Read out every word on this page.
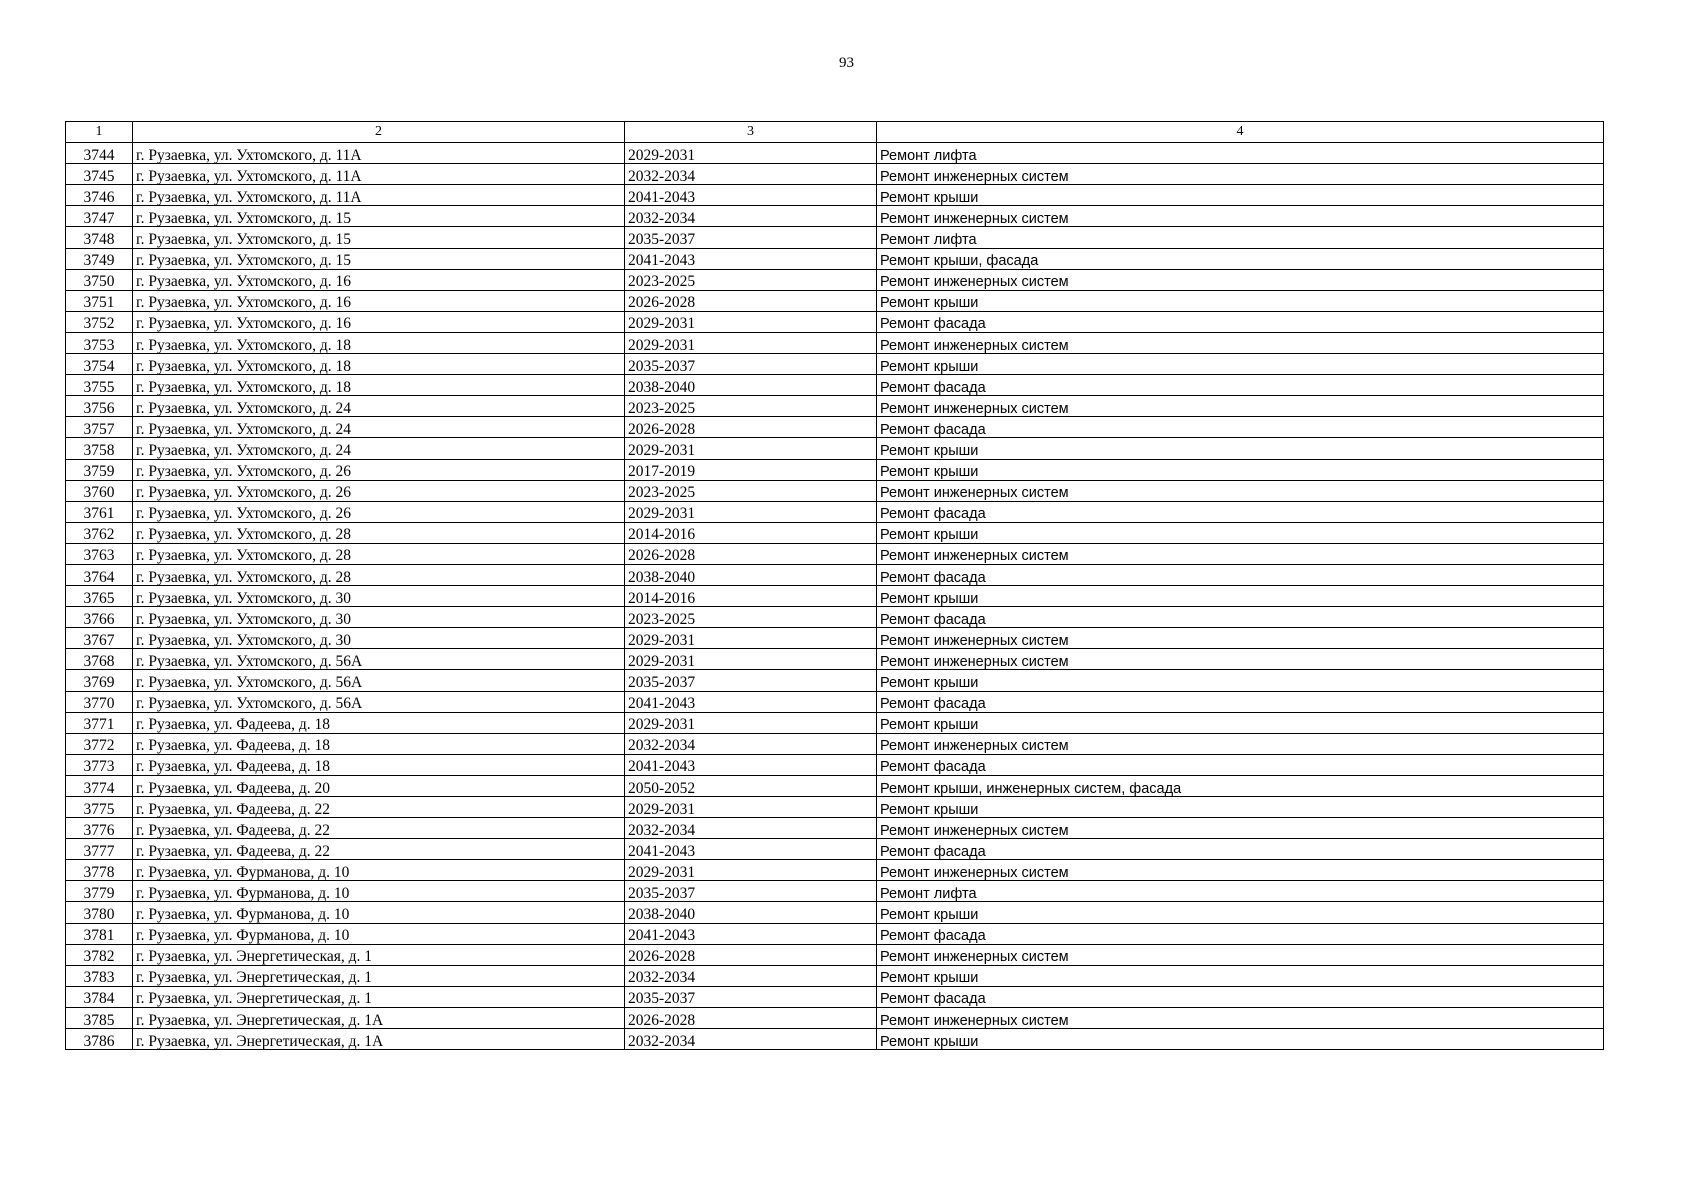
93
1	2	3	4
3744	г. Рузаевка, ул. Ухтомского, д. 11А	2029-2031	Ремонт лифта
3745	г. Рузаевка, ул. Ухтомского, д. 11А	2032-2034	Ремонт инженерных систем
3746	г. Рузаевка, ул. Ухтомского, д. 11А	2041-2043	Ремонт крыши
3747	г. Рузаевка, ул. Ухтомского, д. 15	2032-2034	Ремонт инженерных систем
3748	г. Рузаевка, ул. Ухтомского, д. 15	2035-2037	Ремонт лифта
3749	г. Рузаевка, ул. Ухтомского, д. 15	2041-2043	Ремонт крыши, фасада
3750	г. Рузаевка, ул. Ухтомского, д. 16	2023-2025	Ремонт инженерных систем
3751	г. Рузаевка, ул. Ухтомского, д. 16	2026-2028	Ремонт крыши
3752	г. Рузаевка, ул. Ухтомского, д. 16	2029-2031	Ремонт фасада
3753	г. Рузаевка, ул. Ухтомского, д. 18	2029-2031	Ремонт инженерных систем
3754	г. Рузаевка, ул. Ухтомского, д. 18	2035-2037	Ремонт крыши
3755	г. Рузаевка, ул. Ухтомского, д. 18	2038-2040	Ремонт фасада
3756	г. Рузаевка, ул. Ухтомского, д. 24	2023-2025	Ремонт инженерных систем
3757	г. Рузаевка, ул. Ухтомского, д. 24	2026-2028	Ремонт фасада
3758	г. Рузаевка, ул. Ухтомского, д. 24	2029-2031	Ремонт крыши
3759	г. Рузаевка, ул. Ухтомского, д. 26	2017-2019	Ремонт крыши
3760	г. Рузаевка, ул. Ухтомского, д. 26	2023-2025	Ремонт инженерных систем
3761	г. Рузаевка, ул. Ухтомского, д. 26	2029-2031	Ремонт фасада
3762	г. Рузаевка, ул. Ухтомского, д. 28	2014-2016	Ремонт крыши
3763	г. Рузаевка, ул. Ухтомского, д. 28	2026-2028	Ремонт инженерных систем
3764	г. Рузаевка, ул. Ухтомского, д. 28	2038-2040	Ремонт фасада
3765	г. Рузаевка, ул. Ухтомского, д. 30	2014-2016	Ремонт крыши
3766	г. Рузаевка, ул. Ухтомского, д. 30	2023-2025	Ремонт фасада
3767	г. Рузаевка, ул. Ухтомского, д. 30	2029-2031	Ремонт инженерных систем
3768	г. Рузаевка, ул. Ухтомского, д. 56А	2029-2031	Ремонт инженерных систем
3769	г. Рузаевка, ул. Ухтомского, д. 56А	2035-2037	Ремонт крыши
3770	г. Рузаевка, ул. Ухтомского, д. 56А	2041-2043	Ремонт фасада
3771	г. Рузаевка, ул. Фадеева, д. 18	2029-2031	Ремонт крыши
3772	г. Рузаевка, ул. Фадеева, д. 18	2032-2034	Ремонт инженерных систем
3773	г. Рузаевка, ул. Фадеева, д. 18	2041-2043	Ремонт фасада
3774	г. Рузаевка, ул. Фадеева, д. 20	2050-2052	Ремонт крыши, инженерных систем, фасада
3775	г. Рузаевка, ул. Фадеева, д. 22	2029-2031	Ремонт крыши
3776	г. Рузаевка, ул. Фадеева, д. 22	2032-2034	Ремонт инженерных систем
3777	г. Рузаевка, ул. Фадеева, д. 22	2041-2043	Ремонт фасада
3778	г. Рузаевка, ул. Фурманова, д. 10	2029-2031	Ремонт инженерных систем
3779	г. Рузаевка, ул. Фурманова, д. 10	2035-2037	Ремонт лифта
3780	г. Рузаевка, ул. Фурманова, д. 10	2038-2040	Ремонт крыши
3781	г. Рузаевка, ул. Фурманова, д. 10	2041-2043	Ремонт фасада
3782	г. Рузаевка, ул. Энергетическая, д. 1	2026-2028	Ремонт инженерных систем
3783	г. Рузаевка, ул. Энергетическая, д. 1	2032-2034	Ремонт крыши
3784	г. Рузаевка, ул. Энергетическая, д. 1	2035-2037	Ремонт фасада
3785	г. Рузаевка, ул. Энергетическая, д. 1А	2026-2028	Ремонт инженерных систем
3786	г. Рузаевка, ул. Энергетическая, д. 1А	2032-2034	Ремонт крыши
